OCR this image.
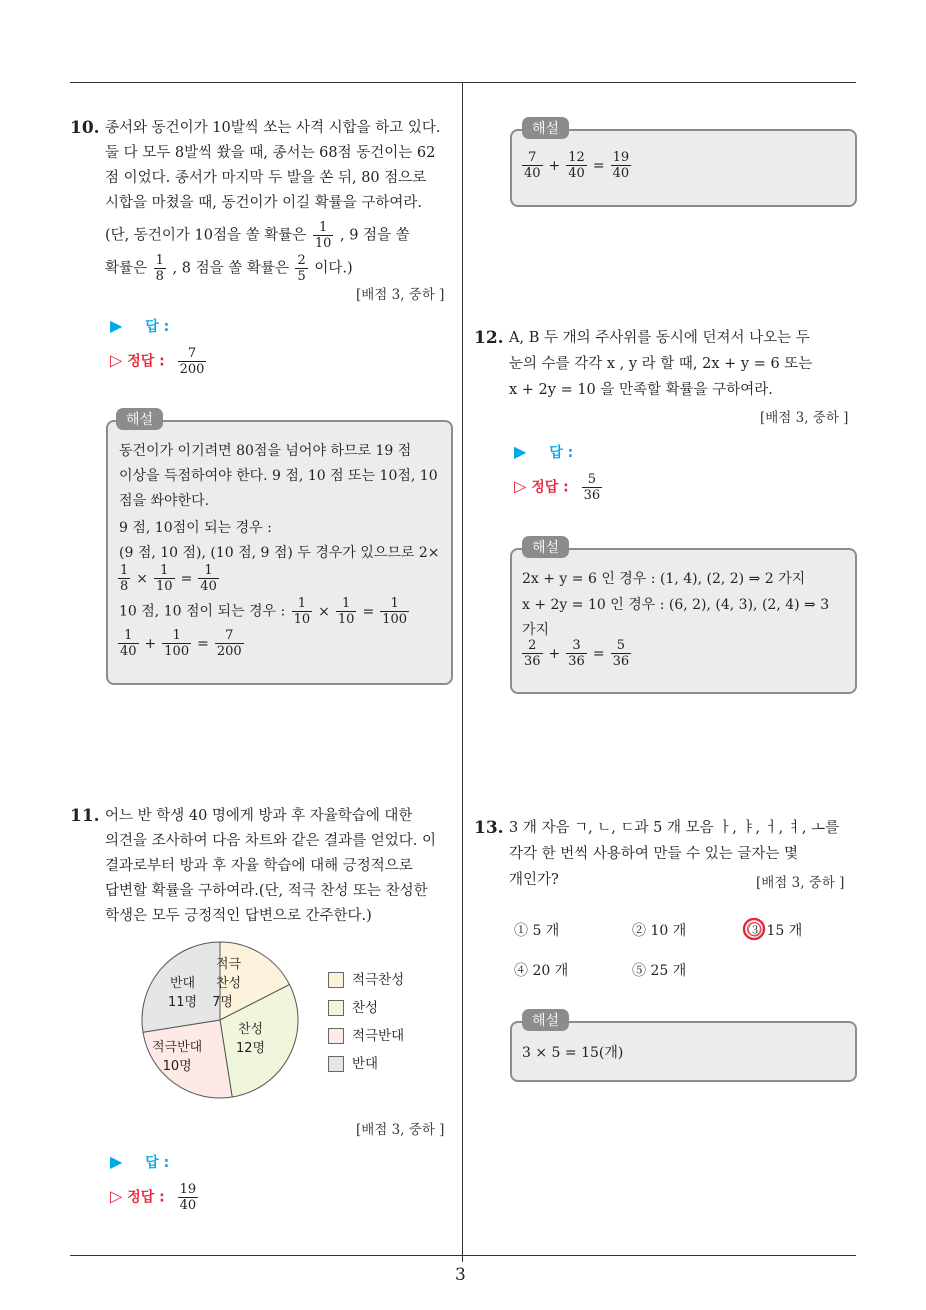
3
10. 종서와 동건이가 10발씩 쏘는 사격 시합을 하고 있다.
둘 다 모두 8발씩 쐈을 때, 종서는 68점 동건이는 62
점 이었다. 종서가 마지막 두 발을 쏜 뒤, 80 점으로
시합을 마쳤을 때, 동건이가 이길 확률을 구하여라.
(단, 동건이가 10점을 쏠 확률은 $\frac{1}{10}$ , 9 점을 쏠
확률은 $\frac{1}{8}$ , 8 점을 쏠 확률은 $\frac{2}{5}$ 이다.)
[배점 3, 중하 ]
▶ 답 :
▷ 정답 : $\frac{7}{200}$
해설
동건이가 이기려면 80점을 넘어야 하므로 19 점
이상을 득점하여야 한다. 9 점, 10 점 또는 10점, 10
점을 쏴야한다.
9 점, 10점이 되는 경우 :
(9 점, 10 점), (10 점, 9 점) 두 경우가 있으므로 2×
$\frac{1}{8} \times \frac{1}{10} = \frac{1}{40}$
10 점, 10 점이 되는 경우 : $\frac{1}{10} \times \frac{1}{10} = \frac{1}{100}$
$\frac{1}{40} + \frac{1}{100} = \frac{7}{200}$
11. 어느 반 학생 40 명에게 방과 후 자율학습에 대한
의견을 조사하여 다음 차트와 같은 결과를 얻었다. 이
결과로부터 방과 후 자율 학습에 대해 긍정적으로
답변할 확률을 구하여라.(단, 적극 찬성 또는 찬성한
학생은 모두 긍정적인 답변으로 간주한다.)
적극
찬성
7명
찬성
12명
적극반대
10명
반대
11명
적극찬성
찬성
적극반대
반대
[배점 3, 중하 ]
▶ 답 :
▷ 정답 : $\frac{19}{40}$
해설
$\frac{7}{40} + \frac{12}{40} = \frac{19}{40}$
12. A, B 두 개의 주사위를 동시에 던져서 나오는 두
눈의 수를 각각 x , y 라 할 때, 2x + y = 6 또는
x + 2y = 10 을 만족할 확률을 구하여라.
[배점 3, 중하 ]
▶ 답 :
▷ 정답 : $\frac{5}{36}$
해설
2x + y = 6 인 경우 : (1, 4), (2, 2) ⇒ 2 가지
x + 2y = 10 인 경우 : (6, 2), (4, 3), (2, 4) ⇒ 3
가지
$\frac{2}{36} + \frac{3}{36} = \frac{5}{36}$
13. 3 개 자음 ㄱ, ㄴ, ㄷ과 5 개 모음 ㅏ, ㅑ, ㅓ, ㅕ, ㅗ를
각각 한 번씩 사용하여 만들 수 있는 글자는 몇
개인가?	[배점 3, 중하 ]
① 5 개	② 10 개	③ 15 개
④ 20 개	⑤ 25 개
해설
3 × 5 = 15(개)
